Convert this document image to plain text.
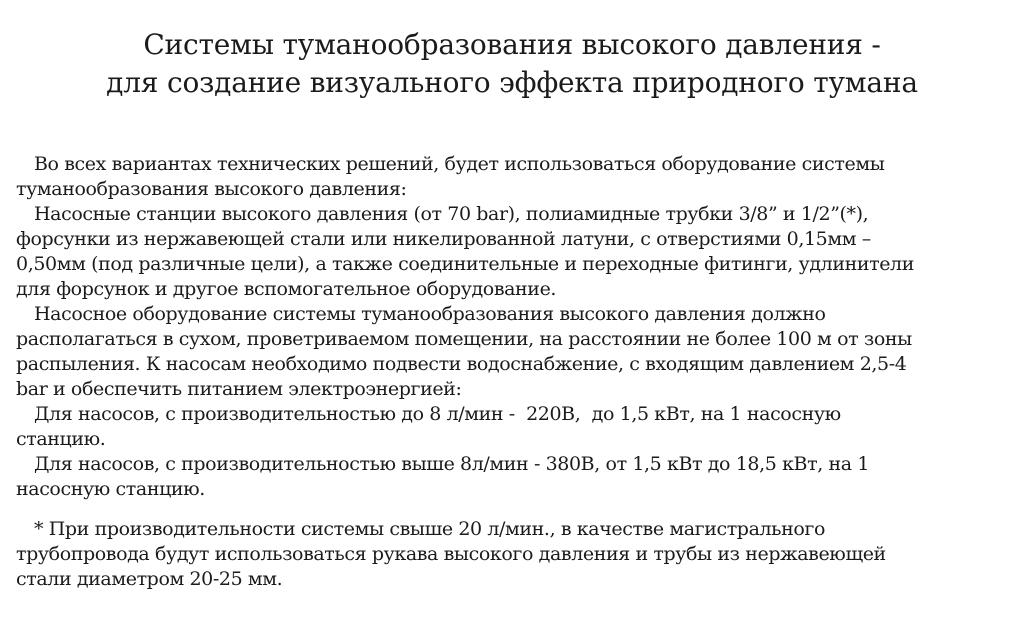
Системы туманообразования высокого давления -
для создание визуального эффекта природного тумана

Во всех вариантах технических решений, будет использоваться оборудование системы
туманообразования высокого давления:

Насосные станции высокого давления (от 70 bar), полиамидные трубки 3/8” и 1/2”(*),
форсунки из нержавеющей стали или никелированной латуни, с отверстиями 0,15мм –
0,50мм (под различные цели), а также соединительные и переходные фитинги, удлинители
для форсунок и другое вспомогательное оборудование.

Насосное оборудование системы туманообразования высокого давления должно
располагаться в сухом, проветриваемом помещении, на расстоянии не более 100 м от зоны
распыления. К насосам необходимо подвести водоснабжение, с входящим давлением 2,5-4
bar и обеспечить питанием электроэнергией:

Для насосов, с производительностью до 8 л/мин -  220В,  до 1,5 кВт, на 1 насосную
станцию.

Для насосов, с производительностью выше 8л/мин - 380В, от 1,5 кВт до 18,5 кВт, на 1
насосную станцию.

* При производительности системы свыше 20 л/мин., в качестве магистрального
трубопровода будут использоваться рукава высокого давления и трубы из нержавеющей
стали диаметром 20-25 мм.
